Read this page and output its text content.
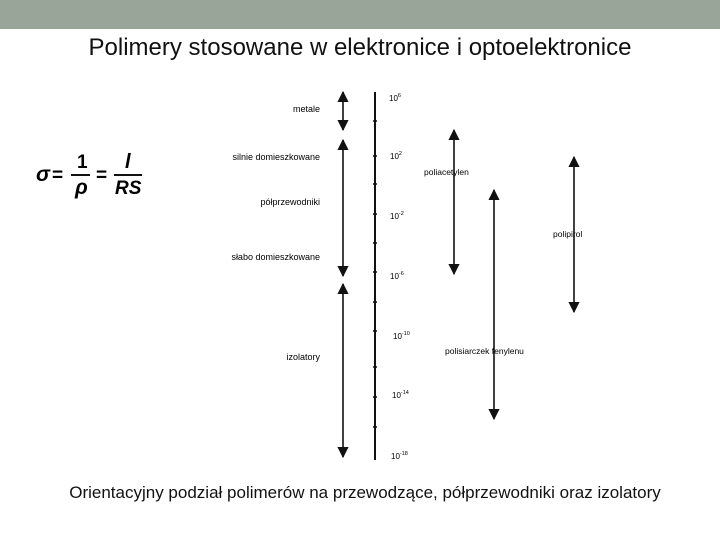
Polimery stosowane w elektronice i optoelektronice
σ =
1
ρ
=
l
RS
metale
silnie domieszkowane
półprzewodniki
słabo domieszkowane
izolatory
$10^6$
$10^2$
$10^{-2}$
$10^{-6}$
$10^{-10}$
$10^{-14}$
$10^{-18}$
poliacetylen
polipirol
polisiarczek fenylenu
Orientacyjny podział polimerów na przewodzące, półprzewodniki oraz izolatory
